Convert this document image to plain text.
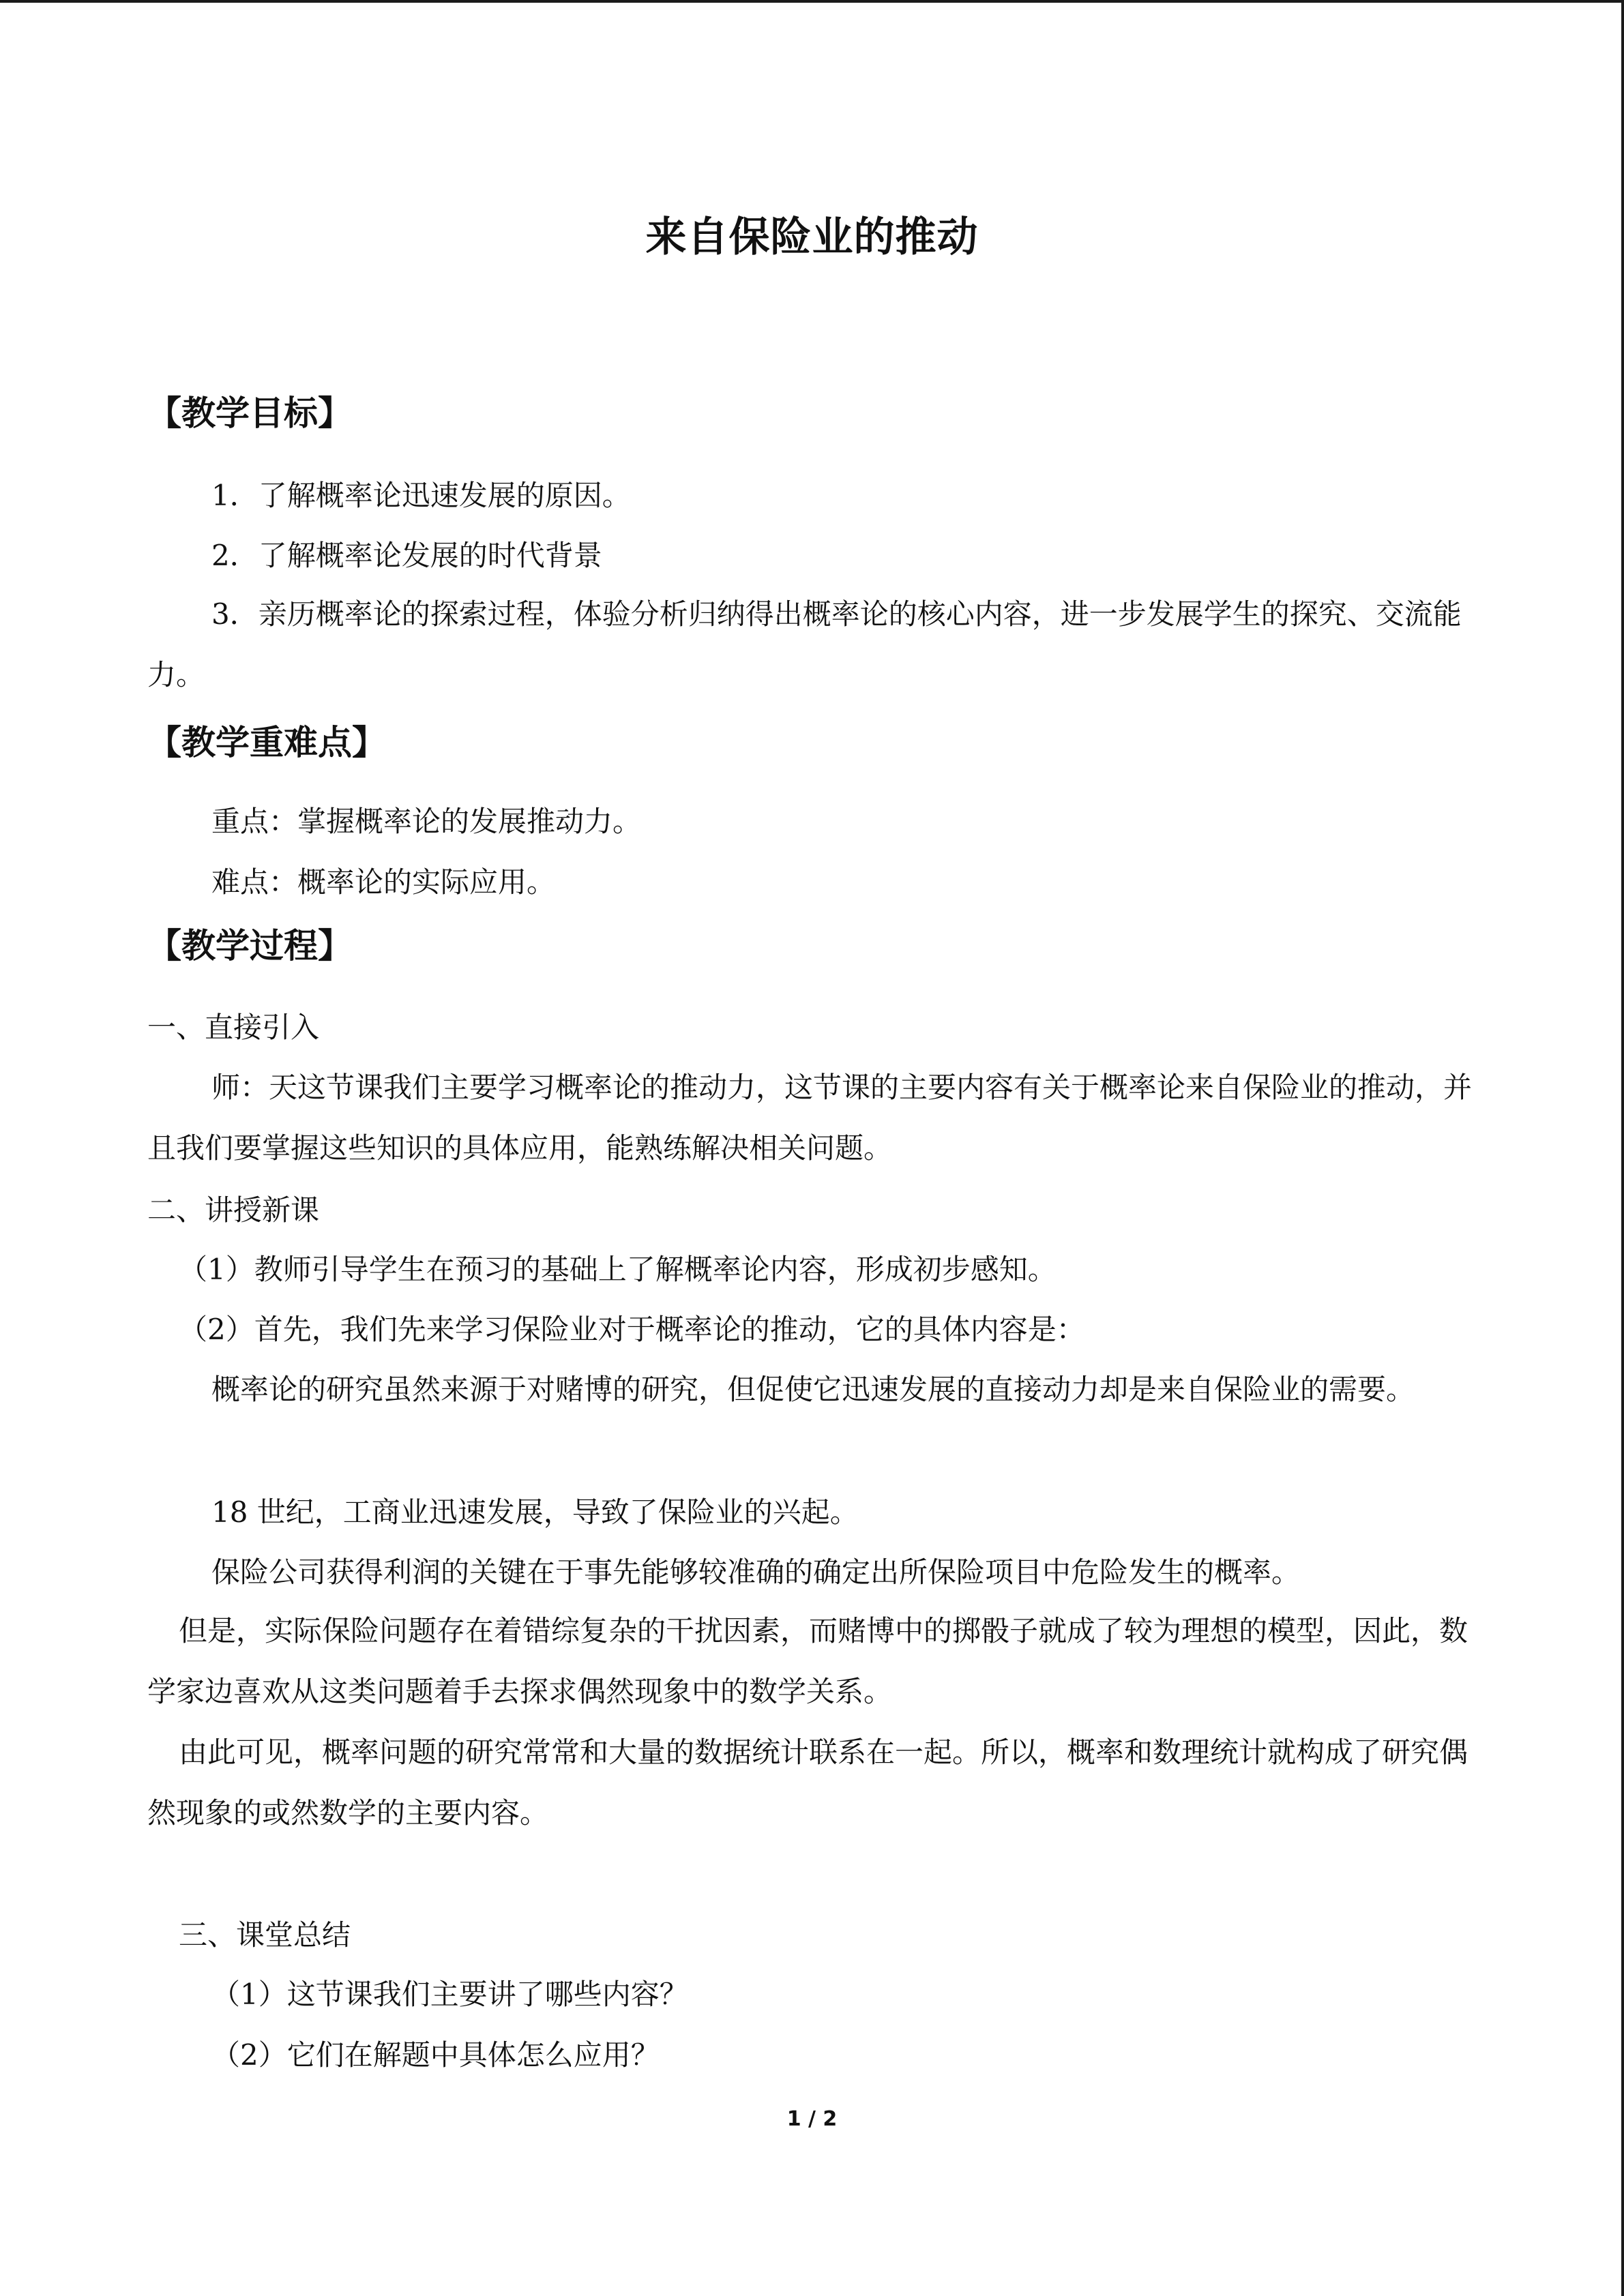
来自保险业的推动
【教学目标】
1．了解概率论迅速发展的原因。
2．了解概率论发展的时代背景
3．亲历概率论的探索过程，体验分析归纳得出概率论的核心内容，进一步发展学生的探究、交流能力。
【教学重难点】
重点：掌握概率论的发展推动力。
难点：概率论的实际应用。
【教学过程】
一、直接引入
师：天这节课我们主要学习概率论的推动力，这节课的主要内容有关于概率论来自保险业的推动，并且我们要掌握这些知识的具体应用，能熟练解决相关问题。
二、讲授新课
（1）教师引导学生在预习的基础上了解概率论内容，形成初步感知。
（2）首先，我们先来学习保险业对于概率论的推动，它的具体内容是：
概率论的研究虽然来源于对赌博的研究，但促使它迅速发展的直接动力却是来自保险业的需要。
18 世纪，工商业迅速发展，导致了保险业的兴起。
保险公司获得利润的关键在于事先能够较准确的确定出所保险项目中危险发生的概率。
但是，实际保险问题存在着错综复杂的干扰因素，而赌博中的掷骰子就成了较为理想的模型，因此，数学家边喜欢从这类问题着手去探求偶然现象中的数学关系。
由此可见，概率问题的研究常常和大量的数据统计联系在一起。所以，概率和数理统计就构成了研究偶然现象的或然数学的主要内容。
三、课堂总结
（1）这节课我们主要讲了哪些内容？
（2）它们在解题中具体怎么应用？
1 / 2
